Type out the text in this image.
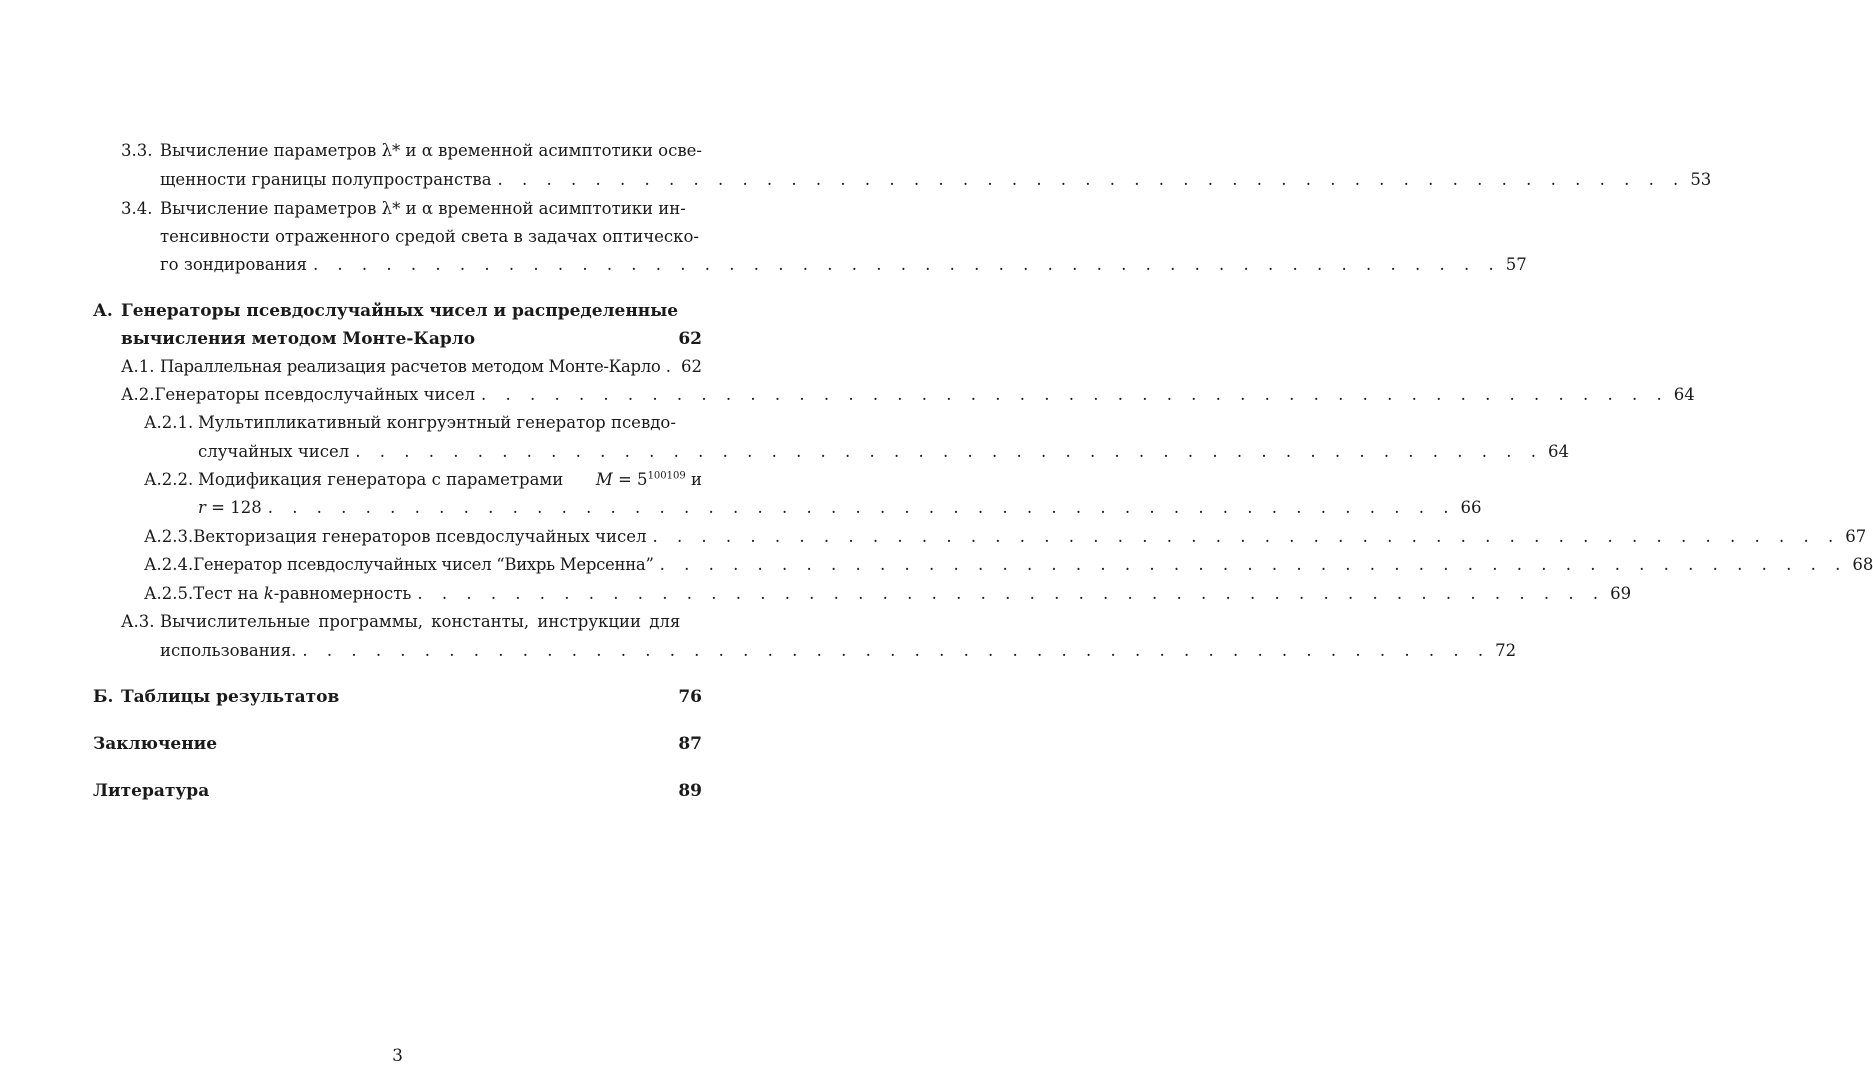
3.3. Вычисление параметров λ* и α временной асимптотики осве-
щенности границы полупространства . . . . . . . . . . . . . . . . . . . . . . . . . . . . . . . . . . . . . . . . . . . . . . . . . 53
3.4. Вычисление параметров λ* и α временной асимптотики ин-
тенсивности отраженного средой света в задачах оптическо-
го зондирования . . . . . . . . . . . . . . . . . . . . . . . . . . . . . . . . . . . . . . . . . . . . . . . . . 57
А. Генераторы псевдослучайных чисел и распределенные
вычисления методом Монте-Карло	62
А.1. Параллельная реализация расчетов методом Монте-Карло . 62
А.2. Генераторы псевдослучайных чисел . . . . . . . . . . . . . . . . . . . . . . . . . . . . . . . . . . . . . . . . . . . . . . . . . 64
А.2.1. Мультипликативный конгруэнтный генератор псевдо-
случайных чисел . . . . . . . . . . . . . . . . . . . . . . . . . . . . . . . . . . . . . . . . . . . . . . . . . 64
А.2.2. Модификация генератора с параметрами $M = 5^{100109}$ и
r = 128 . . . . . . . . . . . . . . . . . . . . . . . . . . . . . . . . . . . . . . . . . . . . . . . . . 66
А.2.3. Векторизация генераторов псевдослучайных чисел . . . . . . . . . . . . . . . . . . . . . . . . . . . . . . . . . . . . . . . . . . . . . . . . . 67
А.2.4. Генератор псевдослучайных чисел “Вихрь Мерсенна” . . . . . . . . . . . . . . . . . . . . . . . . . . . . . . . . . . . . . . . . . . . . . . . . . 68
А.2.5. Тест на k-равномерность . . . . . . . . . . . . . . . . . . . . . . . . . . . . . . . . . . . . . . . . . . . . . . . . . 69
А.3. Вычислительные программы, константы, инструкции для
использования. . . . . . . . . . . . . . . . . . . . . . . . . . . . . . . . . . . . . . . . . . . . . . . . . . 72
Б. Таблицы результатов	76
Заключение	87
Литература	89
3
